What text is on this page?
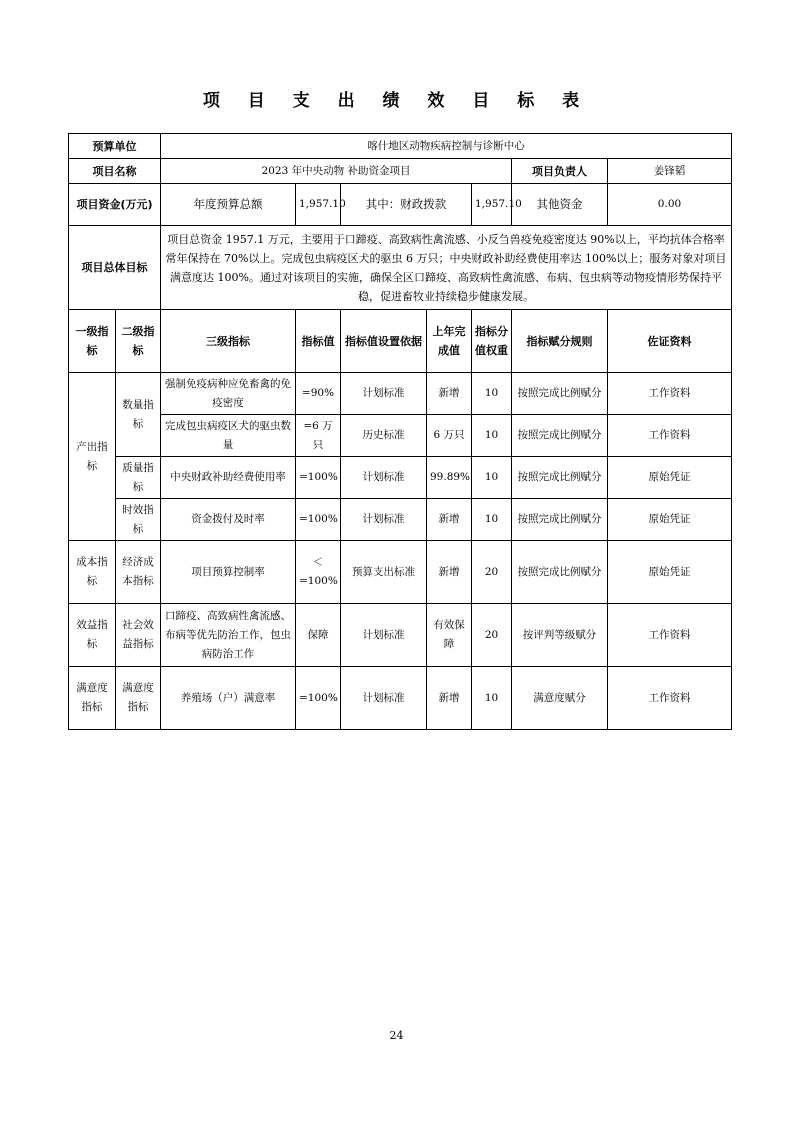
项 目 支 出 绩 效 目 标 表
预算单位		喀什地区动物疾病控制与诊断中心						
项目名称		2023 年中央动物 补助资金项目					项目负责人	姜锋韬
项目资金(万元)		年度预算总额	1,957.10	其中：财政拨款		1,957.10	其他资金	0.00
项目总体目标		项目总资金 1957.1 万元，主要用于口蹄疫、高致病性禽流感、小反刍兽疫免疫密度达 90%以上，平均抗体合格率常年保持在 70%以上。完成包虫病疫区犬的驱虫 6 万只；中央财政补助经费使用率达 100%以上；服务对象对项目满意度达 100%。通过对该项目的实施，确保全区口蹄疫、高致病性禽流感、布病、包虫病等动物疫情形势保持平稳，促进畜牧业持续稳步健康发展。						
一级指标	二级指标	三级指标	指标值	指标值设置依据	上年完成值	指标分值权重	指标赋分规则	佐证资料
产出指标	数量指标	强制免疫病种应免畜禽的免疫密度	=90%	计划标准	新增	10	按照完成比例赋分	工作资料
		完成包虫病疫区犬的驱虫数量	=6 万只	历史标准	6 万只	10	按照完成比例赋分	工作资料
	质量指标	中央财政补助经费使用率	=100%	计划标准	99.89%	10	按照完成比例赋分	原始凭证
	时效指标	资金拨付及时率	=100%	计划标准	新增	10	按照完成比例赋分	原始凭证
成本指标	经济成本指标	项目预算控制率	＜=100%	预算支出标准	新增	20	按照完成比例赋分	原始凭证
效益指标	社会效益指标	口蹄疫、高致病性禽流感、布病等优先防治工作，包虫病防治工作	保障	计划标准	有效保障	20	按评判等级赋分	工作资料
满意度指标	满意度指标	养殖场（户）满意率	=100%	计划标准	新增	10	满意度赋分	工作资料
24
